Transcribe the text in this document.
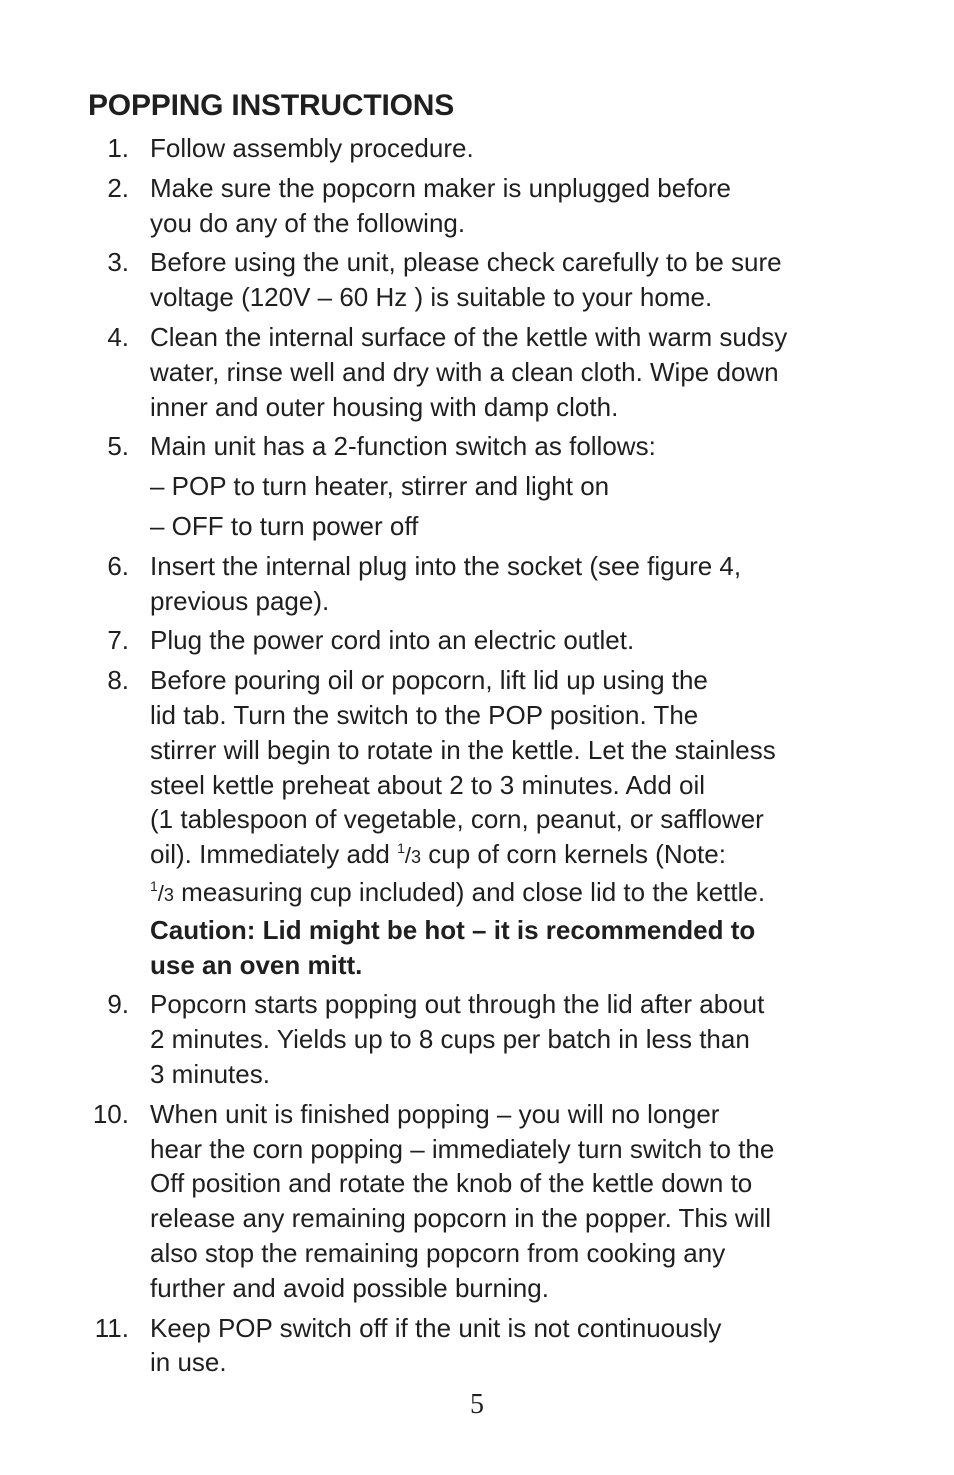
POPPING INSTRUCTIONS
1. Follow assembly procedure.
2. Make sure the popcorn maker is unplugged before
you do any of the following.
3. Before using the unit, please check carefully to be sure
voltage (120V – 60 Hz ) is suitable to your home.
4. Clean the internal surface of the kettle with warm sudsy
water, rinse well and dry with a clean cloth. Wipe down
inner and outer housing with damp cloth.
5. Main unit has a 2-function switch as follows:
– POP to turn heater, stirrer and light on
– OFF to turn power off
6. Insert the internal plug into the socket (see figure 4,
previous page).
7. Plug the power cord into an electric outlet.
8. Before pouring oil or popcorn, lift lid up using the
lid tab. Turn the switch to the POP position. The
stirrer will begin to rotate in the kettle. Let the stainless
steel kettle preheat about 2 to 3 minutes. Add oil
(1 tablespoon of vegetable, corn, peanut, or safflower
oil). Immediately add $^1$/3 cup of corn kernels (Note:
$^1$/3 measuring cup included) and close lid to the kettle.
Caution: Lid might be hot – it is recommended to
use an oven mitt.
9. Popcorn starts popping out through the lid after about
2 minutes. Yields up to 8 cups per batch in less than
3 minutes.
10. When unit is finished popping – you will no longer
hear the corn popping – immediately turn switch to the
Off position and rotate the knob of the kettle down to
release any remaining popcorn in the popper. This will
also stop the remaining popcorn from cooking any
further and avoid possible burning.
11. Keep POP switch off if the unit is not continuously
in use.
5
